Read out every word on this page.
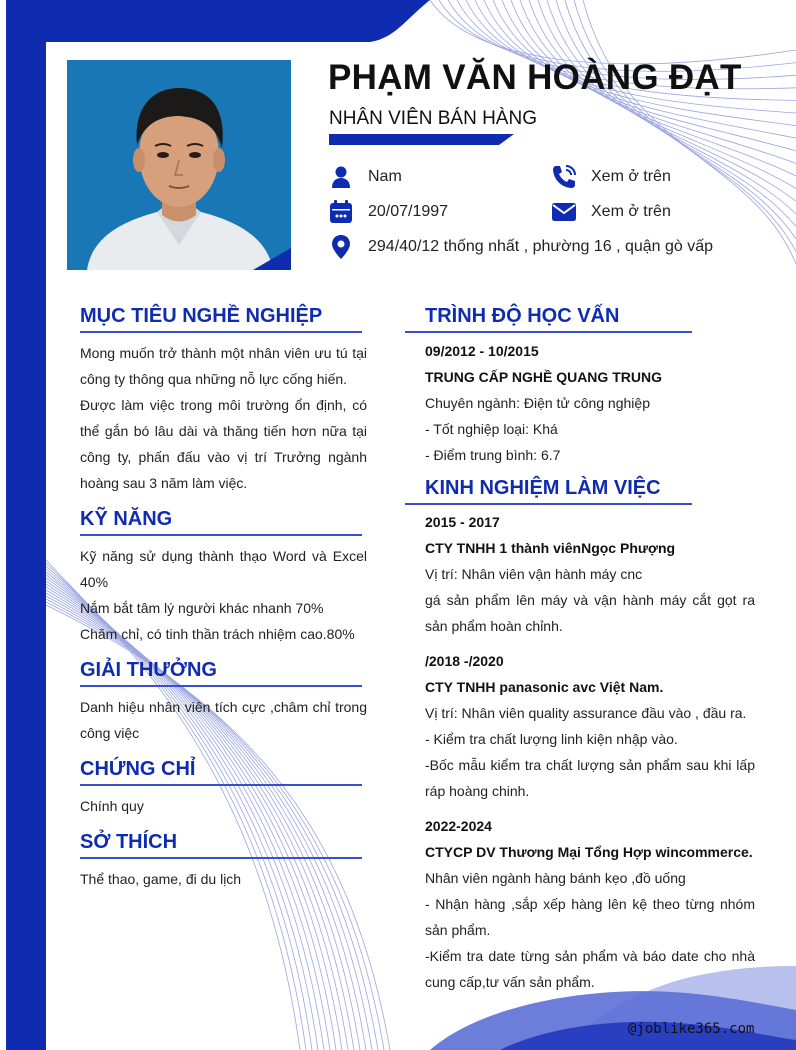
PHẠM VĂN HOÀNG ĐẠT
NHÂN VIÊN BÁN HÀNG
Nam
20/07/1997
294/40/12 thống nhất , phường 16 , quận gò vấp
Xem ở trên
Xem ở trên
MỤC TIÊU NGHỀ NGHIỆP

Mong muốn trở thành một nhân viên ưu tú tại công ty thông qua những nỗ lực cống hiến.

Được làm việc trong môi trường ổn định, có thể gắn bó lâu dài và thăng tiến hơn nữa tại công ty, phấn đấu vào vị trí Trưởng ngành hoàng sau 3 năm làm việc.

KỸ NĂNG

Kỹ năng sử dụng thành thạo Word và Excel 40%

Nắm bắt tâm lý người khác nhanh 70%

Chăm chỉ, có tinh thần trách nhiệm cao.80%

GIẢI THƯỞNG

Danh hiệu nhân viên tích cực ,châm chỉ trong công việc

CHỨNG CHỈ

Chính quy

SỞ THÍCH

Thể thao, game, đi du lịch

TRÌNH ĐỘ HỌC VẤN

09/2012 - 10/2015

TRUNG CẤP NGHỀ QUANG TRUNG

Chuyên ngành: Điện tử công nghiệp

- Tốt nghiệp loại: Khá

- Điểm trung bình: 6.7

KINH NGHIỆM LÀM VIỆC

2015 - 2017

CTY TNHH 1 thành viênNgọc Phượng

Vị trí: Nhân viên vận hành máy cnc

gá sản phẩm lên máy và vận hành máy cắt gọt ra sản phẩm hoàn chỉnh.

/2018 -/2020

CTY TNHH panasonic avc Việt Nam.

Vị trí: Nhân viên quality assurance đầu vào , đầu ra.

- Kiểm tra chất lượng linh kiện nhập vào.

-Bốc mẫu kiểm tra chất lượng sản phẩm sau khi lấp ráp hoàng chinh.

2022-2024

CTYCP DV Thương Mại Tổng Hợp wincommerce.

Nhân viên ngành hàng bánh kẹo ,đồ uống

- Nhận hàng ,sắp xếp hàng lên kệ theo từng nhóm sản phẩm.

-Kiểm tra date từng sản phẩm và báo date cho nhà cung cấp,tư vấn sản phẩm.

@joblike365.com
